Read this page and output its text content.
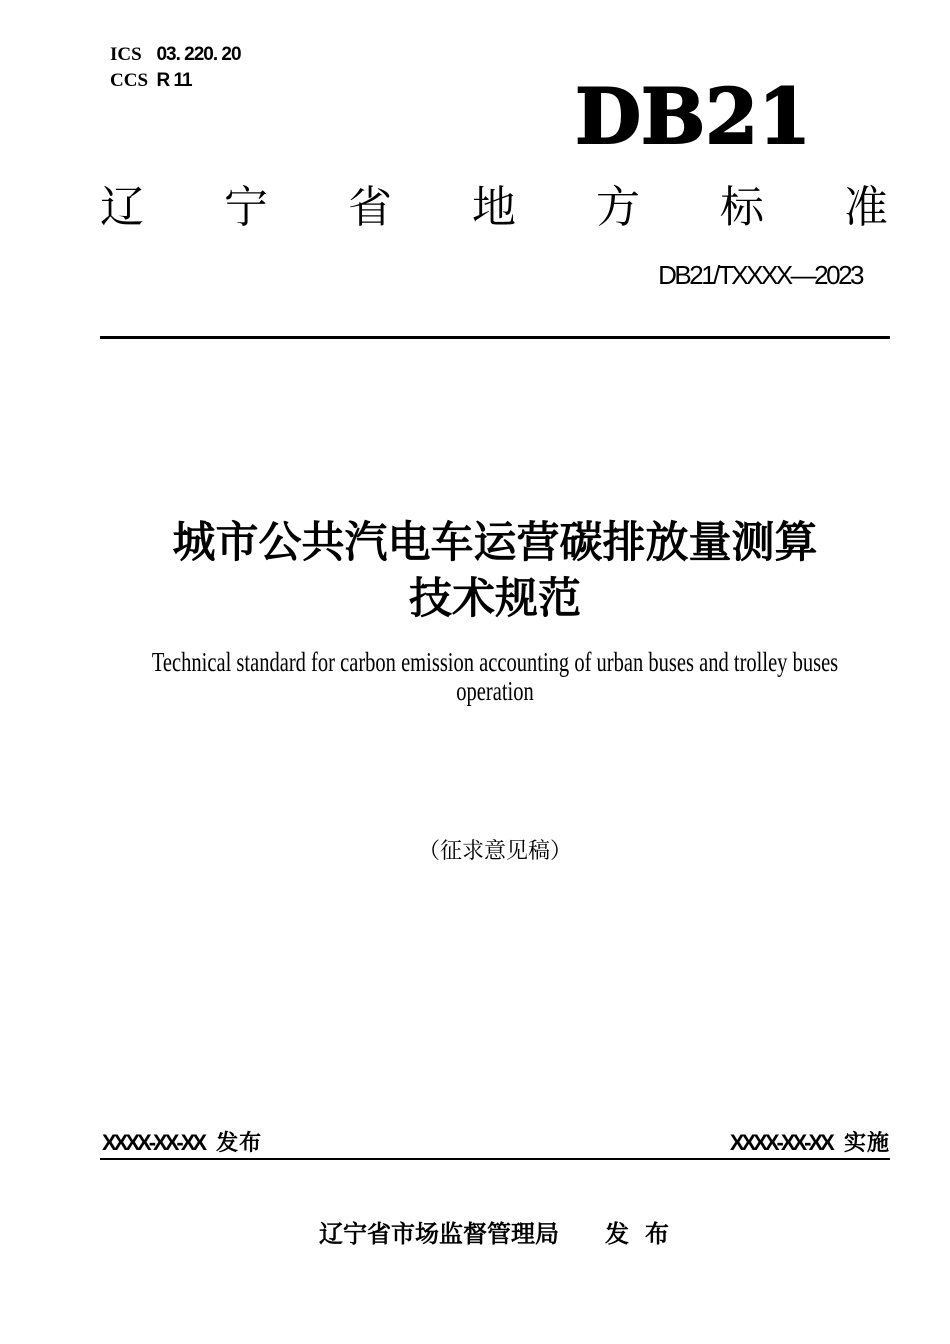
ICS 03. 220. 20
CCS R 11	DB21
辽 宁 省 地 方 标 准
DB21/TXXXX—2023
城市公共汽电车运营碳排放量测算
技术规范
Technical standard for carbon emission accounting of urban buses and trolley buses
operation
（征求意见稿）
XXXX-XX-XX 发布	XXXX-XX-XX 实施
辽宁省市场监督管理局 发 布
